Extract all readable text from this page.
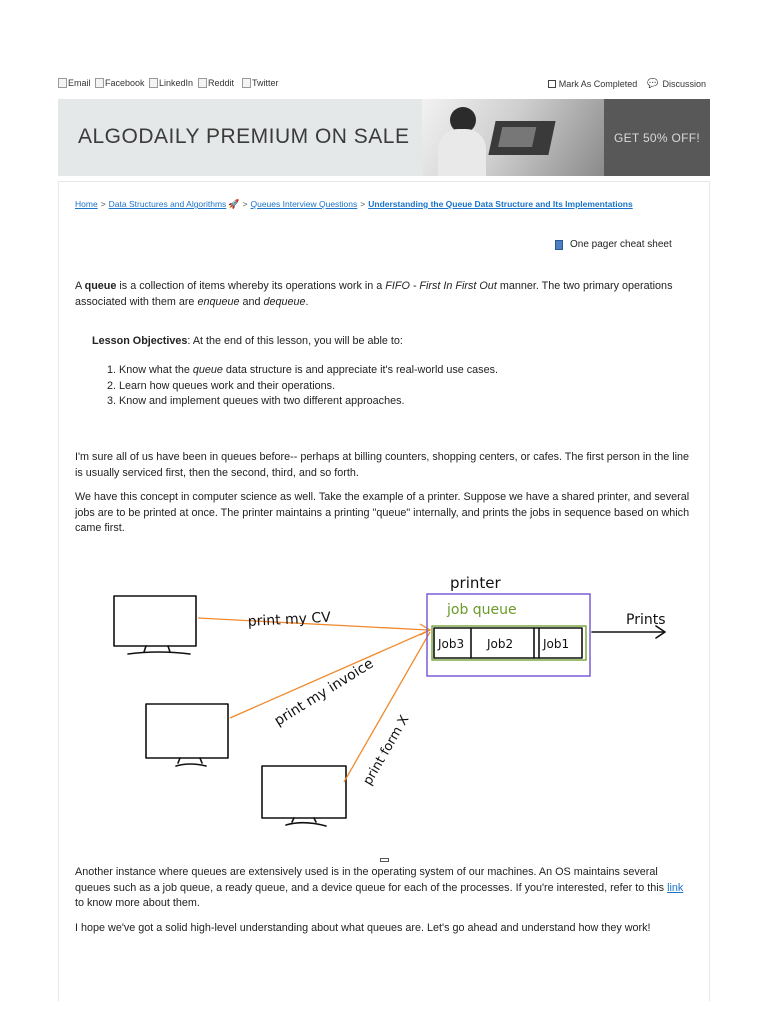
Email Facebook LinkedIn Reddit Twitter	Mark As Completed 💬 Discussion
ALGODAILY PREMIUM ON SALE	GET 50% OFF!
Home > Data Structures and Algorithms 🚀 > Queues Interview Questions > Understanding the Queue Data Structure and Its Implementations
One pager cheat sheet
A queue is a collection of items whereby its operations work in a FIFO - First In First Out manner. The two primary operations associated with them are enqueue and dequeue.
Lesson Objectives: At the end of this lesson, you will be able to:
1. Know what the queue data structure is and appreciate it's real-world use cases.
2. Learn how queues work and their operations.
3. Know and implement queues with two different approaches.
I'm sure all of us have been in queues before-- perhaps at billing counters, shopping centers, or cafes. The first person in the line is usually serviced first, then the second, third, and so forth.
We have this concept in computer science as well. Take the example of a printer. Suppose we have a shared printer, and several jobs are to be printed at once. The printer maintains a printing "queue" internally, and prints the jobs in sequence based on which came first.
print my CV
print my invoice
print form X
printer
job queue
Job3 Job2 Job1
Prints
Another instance where queues are extensively used is in the operating system of our machines. An OS maintains several queues such as a job queue, a ready queue, and a device queue for each of the processes. If you're interested, refer to this link to know more about them.
I hope we've got a solid high-level understanding about what queues are. Let's go ahead and understand how they work!
